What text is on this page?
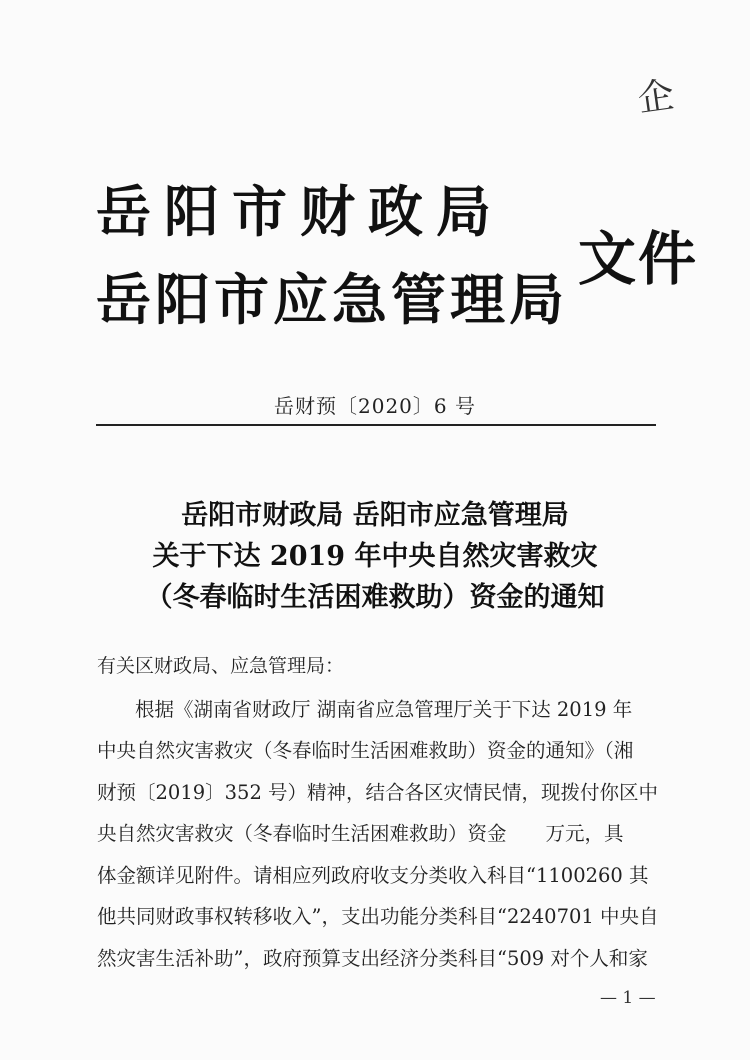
企
岳阳市财政局
岳阳市应急管理局
文件
岳财预〔2020〕6 号
岳阳市财政局 岳阳市应急管理局
关于下达 2019 年中央自然灾害救灾
（冬春临时生活困难救助）资金的通知
有关区财政局、应急管理局：
根据《湖南省财政厅 湖南省应急管理厅关于下达 2019 年
中央自然灾害救灾（冬春临时生活困难救助）资金的通知》（湘
财预〔2019〕352 号）精神，结合各区灾情民情，现拨付你区中
央自然灾害救灾（冬春临时生活困难救助）资金　　万元，具
体金额详见附件。请相应列政府收支分类收入科目“1100260 其
他共同财政事权转移收入”，支出功能分类科目“2240701 中央自
然灾害生活补助”，政府预算支出经济分类科目“509 对个人和家
— 1 —
